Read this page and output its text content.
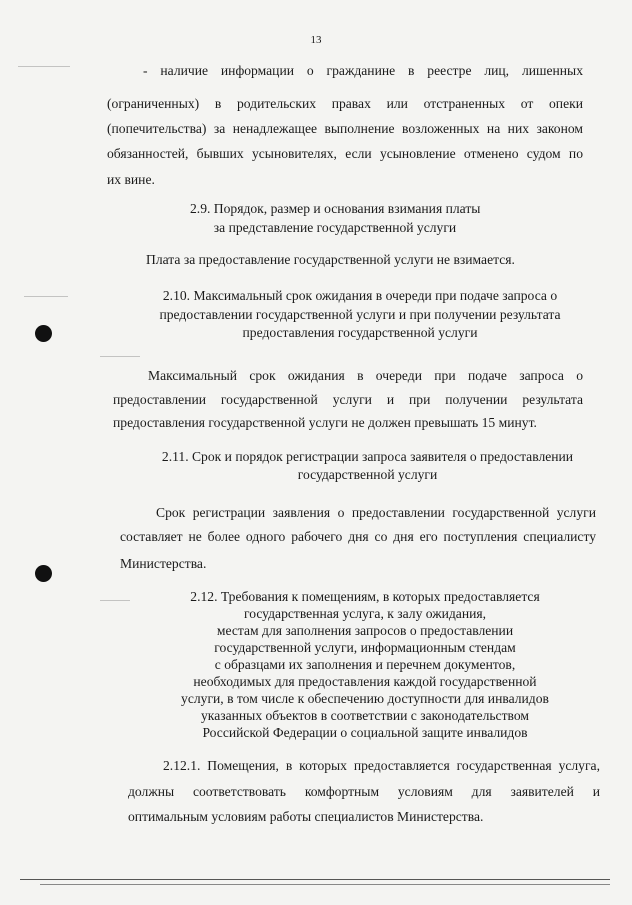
13
- наличие информации о гражданине в реестре лиц, лишенных
(ограниченных) в родительских правах или отстраненных от опеки
(попечительства) за ненадлежащее выполнение возложенных на них законом
обязанностей, бывших усыновителях, если усыновление отменено судом по
их вине.
2.9. Порядок, размер и основания взимания платы
за представление государственной услуги
Плата за предоставление государственной услуги не взимается.
2.10. Максимальный срок ожидания в очереди при подаче запроса о
предоставлении государственной услуги и при получении результата
предоставления государственной услуги
Максимальный срок ожидания в очереди при подаче запроса о
предоставлении государственной услуги и при получении результата
предоставления государственной услуги не должен превышать 15 минут.
2.11. Срок и порядок регистрации запроса заявителя о предоставлении
государственной услуги
Срок регистрации заявления о предоставлении государственной услуги
составляет не более одного рабочего дня со дня его поступления специалисту
Министерства.
2.12. Требования к помещениям, в которых предоставляется
государственная услуга, к залу ожидания,
местам для заполнения запросов о предоставлении
государственной услуги, информационным стендам
с образцами их заполнения и перечнем документов,
необходимых для предоставления каждой государственной
услуги, в том числе к обеспечению доступности для инвалидов
указанных объектов в соответствии с законодательством
Российской Федерации о социальной защите инвалидов
2.12.1. Помещения, в которых предоставляется государственная услуга,
должны соответствовать комфортным условиям для заявителей и
оптимальным условиям работы специалистов Министерства.
